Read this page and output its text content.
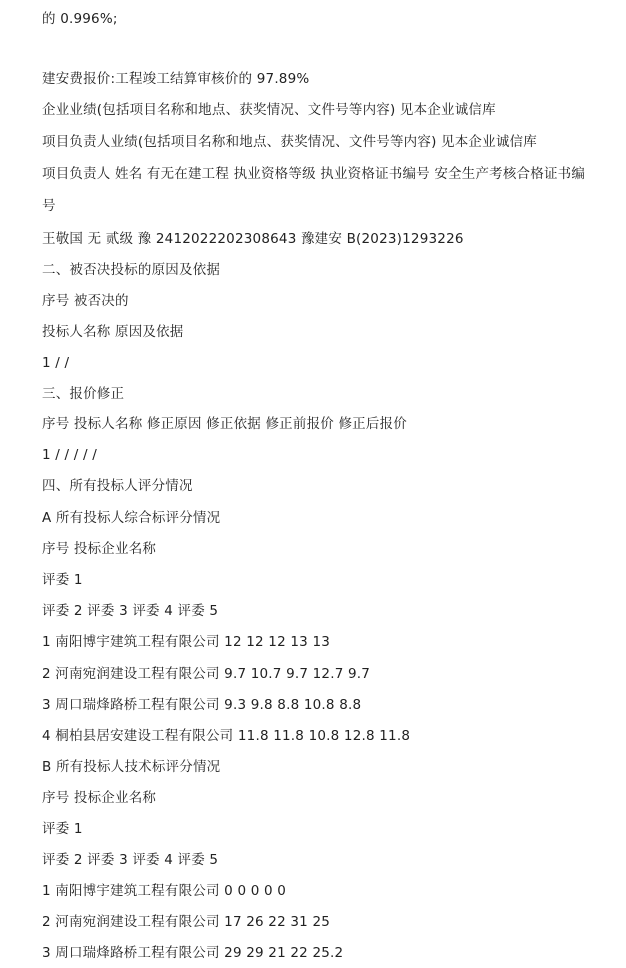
的 0.996%;
建安费报价:工程竣工结算审核价的 97.89%
企业业绩(包括项目名称和地点、获奖情况、文件号等内容) 见本企业诚信库
项目负责人业绩(包括项目名称和地点、获奖情况、文件号等内容) 见本企业诚信库
项目负责人 姓名 有无在建工程 执业资格等级 执业资格证书编号 安全生产考核合格证书编
号
王敬国 无 贰级 豫 2412022202308643 豫建安 B(2023)1293226
二、被否决投标的原因及依据
序号 被否决的
投标人名称 原因及依据
1 / /
三、报价修正
序号 投标人名称 修正原因 修正依据 修正前报价 修正后报价
1 / / / / /
四、所有投标人评分情况
A 所有投标人综合标评分情况
序号 投标企业名称
评委 1
评委 2 评委 3 评委 4 评委 5
1 南阳博宇建筑工程有限公司 12 12 12 13 13
2 河南宛润建设工程有限公司 9.7 10.7 9.7 12.7 9.7
3 周口瑞烽路桥工程有限公司 9.3 9.8 8.8 10.8 8.8
4 桐柏县居安建设工程有限公司 11.8 11.8 10.8 12.8 11.8
B 所有投标人技术标评分情况
序号 投标企业名称
评委 1
评委 2 评委 3 评委 4 评委 5
1 南阳博宇建筑工程有限公司 0 0 0 0 0
2 河南宛润建设工程有限公司 17 26 22 31 25
3 周口瑞烽路桥工程有限公司 29 29 21 22 25.2
